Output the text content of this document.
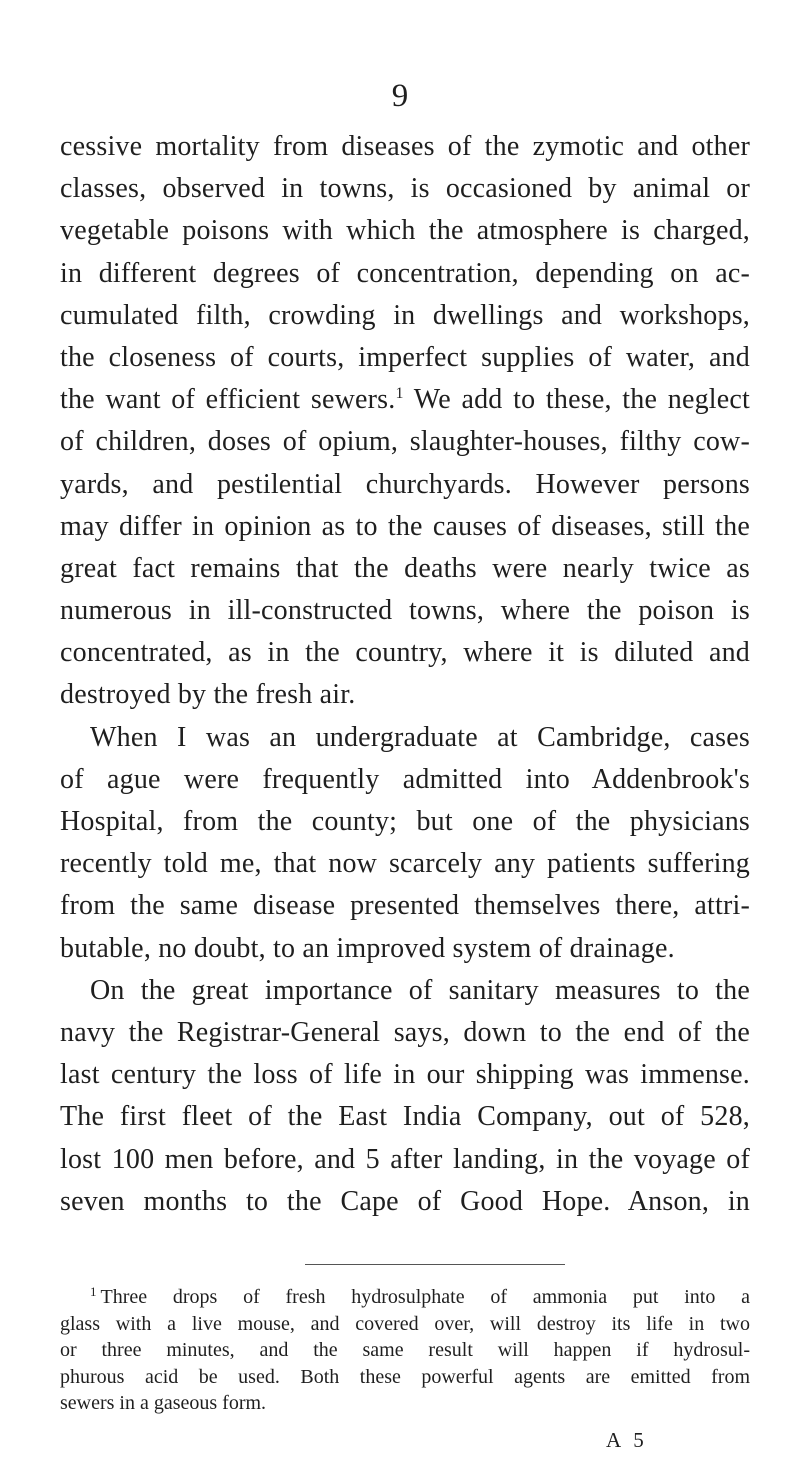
9
cessive mortality from diseases of the zymotic and other
classes, observed in towns, is occasioned by animal or
vegetable poisons with which the atmosphere is charged,
in different degrees of concentration, depending on ac-
cumulated filth, crowding in dwellings and workshops,
the closeness of courts, imperfect supplies of water, and
the want of efficient sewers.$^1$ We add to these, the neglect
of children, doses of opium, slaughter-houses, filthy cow-
yards, and pestilential churchyards. However persons
may differ in opinion as to the causes of diseases, still the
great fact remains that the deaths were nearly twice as
numerous in ill-constructed towns, where the poison is
concentrated, as in the country, where it is diluted and
destroyed by the fresh air.
When I was an undergraduate at Cambridge, cases
of ague were frequently admitted into Addenbrook's
Hospital, from the county; but one of the physicians
recently told me, that now scarcely any patients suffering
from the same disease presented themselves there, attri-
butable, no doubt, to an improved system of drainage.
On the great importance of sanitary measures to the
navy the Registrar-General says, down to the end of the
last century the loss of life in our shipping was immense.
The first fleet of the East India Company, out of 528,
lost 100 men before, and 5 after landing, in the voyage of
seven months to the Cape of Good Hope. Anson, in
$^1$ Three drops of fresh hydrosulphate of ammonia put into a
glass with a live mouse, and covered over, will destroy its life in two
or three minutes, and the same result will happen if hydrosul-
phurous acid be used. Both these powerful agents are emitted from
sewers in a gaseous form.
A 5
